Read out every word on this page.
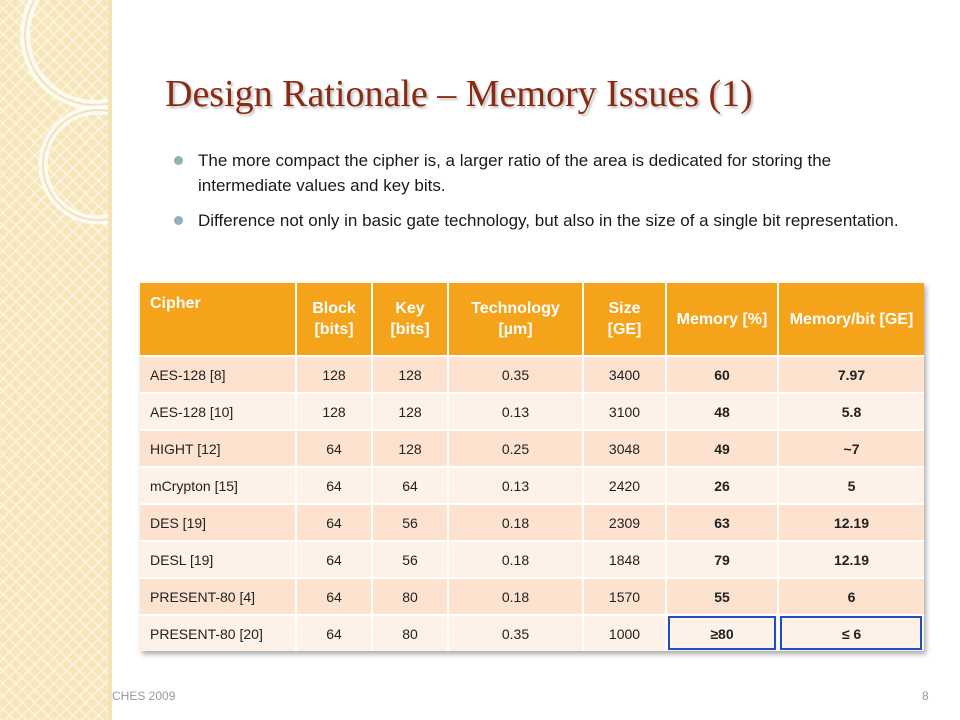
Design Rationale – Memory Issues (1)
The more compact the cipher is, a larger ratio of the area is dedicated for storing the intermediate values and key bits.
Difference not only in basic gate technology, but also in the size of a single bit representation.
Cipher	Block [bits]	Key [bits]	Technology [µm]	Size [GE]	Memory [%]	Memory/bit [GE]
AES-128 [8]	128	128	0.35	3400	60	7.97
AES-128 [10]	128	128	0.13	3100	48	5.8
HIGHT [12]	64	128	0.25	3048	49	~7
mCrypton [15]	64	64	0.13	2420	26	5
DES [19]	64	56	0.18	2309	63	12.19
DESL [19]	64	56	0.18	1848	79	12.19
PRESENT-80 [4]	64	80	0.18	1570	55	6
PRESENT-80 [20]	64	80	0.35	1000	≥80	≤ 6
CHES 2009	8
